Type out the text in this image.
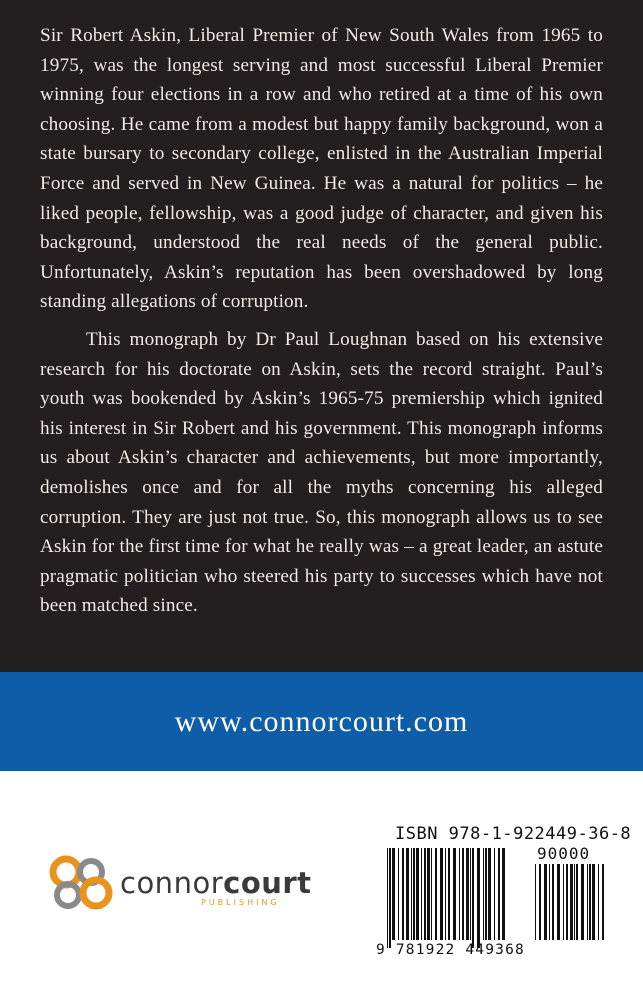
Sir Robert Askin, Liberal Premier of New South Wales from 1965 to 1975, was the longest serving and most successful Liberal Premier winning four elections in a row and who retired at a time of his own choosing. He came from a modest but happy family background, won a state bursary to secondary college, enlisted in the Australian Imperial Force and served in New Guinea. He was a natural for politics – he liked people, fellowship, was a good judge of character, and given his background, understood the real needs of the general public. Unfortunately, Askin’s reputation has been overshadowed by long standing allegations of corruption.

This monograph by Dr Paul Loughnan based on his extensive research for his doctorate on Askin, sets the record straight. Paul’s youth was bookended by Askin’s 1965-75 premiership which ignited his interest in Sir Robert and his government. This monograph informs us about Askin’s character and achievements, but more importantly, demolishes once and for all the myths concerning his alleged corruption. They are just not true. So, this monograph allows us to see Askin for the first time for what he really was – a great leader, an astute pragmatic politician who steered his party to successes which have not been matched since.

www.connorcourt.com
connorcourt
PUBLISHING
ISBN 978-1-922449-36-8
90000
9 781922 449368
